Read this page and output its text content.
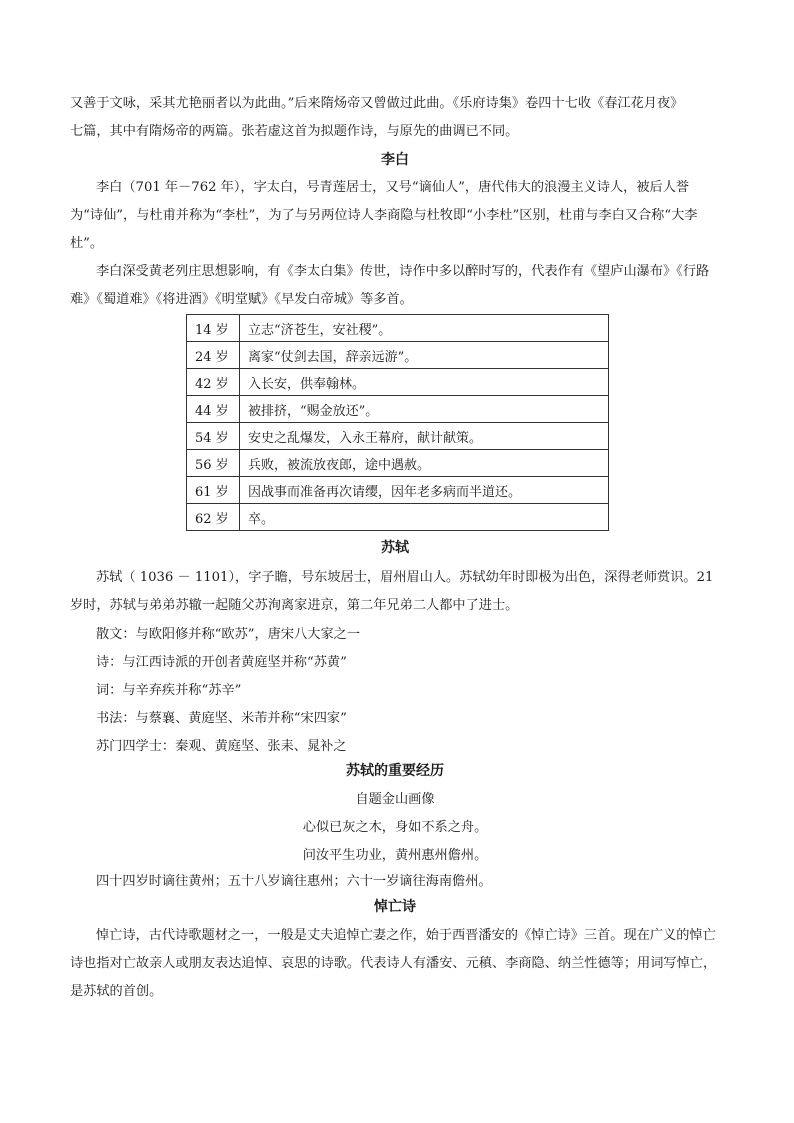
又善于文咏，采其尤艳丽者以为此曲。”后来隋炀帝又曾做过此曲。《乐府诗集》卷四十七收《春江花月夜》

七篇，其中有隋炀帝的两篇。张若虚这首为拟题作诗，与原先的曲调已不同。

李白

李白（701 年－762 年），字太白，号青莲居士，又号“谪仙人”，唐代伟大的浪漫主义诗人，被后人誉为“诗仙”，与杜甫并称为“李杜”，为了与另两位诗人李商隐与杜牧即“小李杜”区别，杜甫与李白又合称“大李杜”。

李白深受黄老列庄思想影响，有《李太白集》传世，诗作中多以醉时写的，代表作有《望庐山瀑布》《行路难》《蜀道难》《将进酒》《明堂赋》《早发白帝城》等多首。

14 岁	立志“济苍生，安社稷”。
24 岁	离家“仗剑去国，辞亲远游”。
42 岁	入长安，供奉翰林。
44 岁	被排挤，“赐金放还”。
54 岁	安史之乱爆发，入永王幕府，献计献策。
56 岁	兵败，被流放夜郎，途中遇赦。
61 岁	因战事而准备再次请缨，因年老多病而半道还。
62 岁	卒。
苏轼

苏轼（ 1036 － 1101），字子瞻，号东坡居士，眉州眉山人。苏轼幼年时即极为出色，深得老师赏识。21 岁时，苏轼与弟弟苏辙一起随父苏洵离家进京，第二年兄弟二人都中了进士。

散文：与欧阳修并称“欧苏”，唐宋八大家之一

诗：与江西诗派的开创者黄庭坚并称“苏黄”

词：与辛弃疾并称“苏辛”

书法：与蔡襄、黄庭坚、米芾并称“宋四家”

苏门四学士：秦观、黄庭坚、张耒、晁补之

苏轼的重要经历

自题金山画像

心似已灰之木，身如不系之舟。

问汝平生功业，黄州惠州儋州。

四十四岁时谪往黄州；五十八岁谪往惠州；六十一岁谪往海南儋州。

悼亡诗

悼亡诗，古代诗歌题材之一，一般是丈夫追悼亡妻之作，始于西晋潘安的《悼亡诗》三首。现在广义的悼亡诗也指对亡故亲人或朋友表达追悼、哀思的诗歌。代表诗人有潘安、元稹、李商隐、纳兰性德等；用词写悼亡，是苏轼的首创。
